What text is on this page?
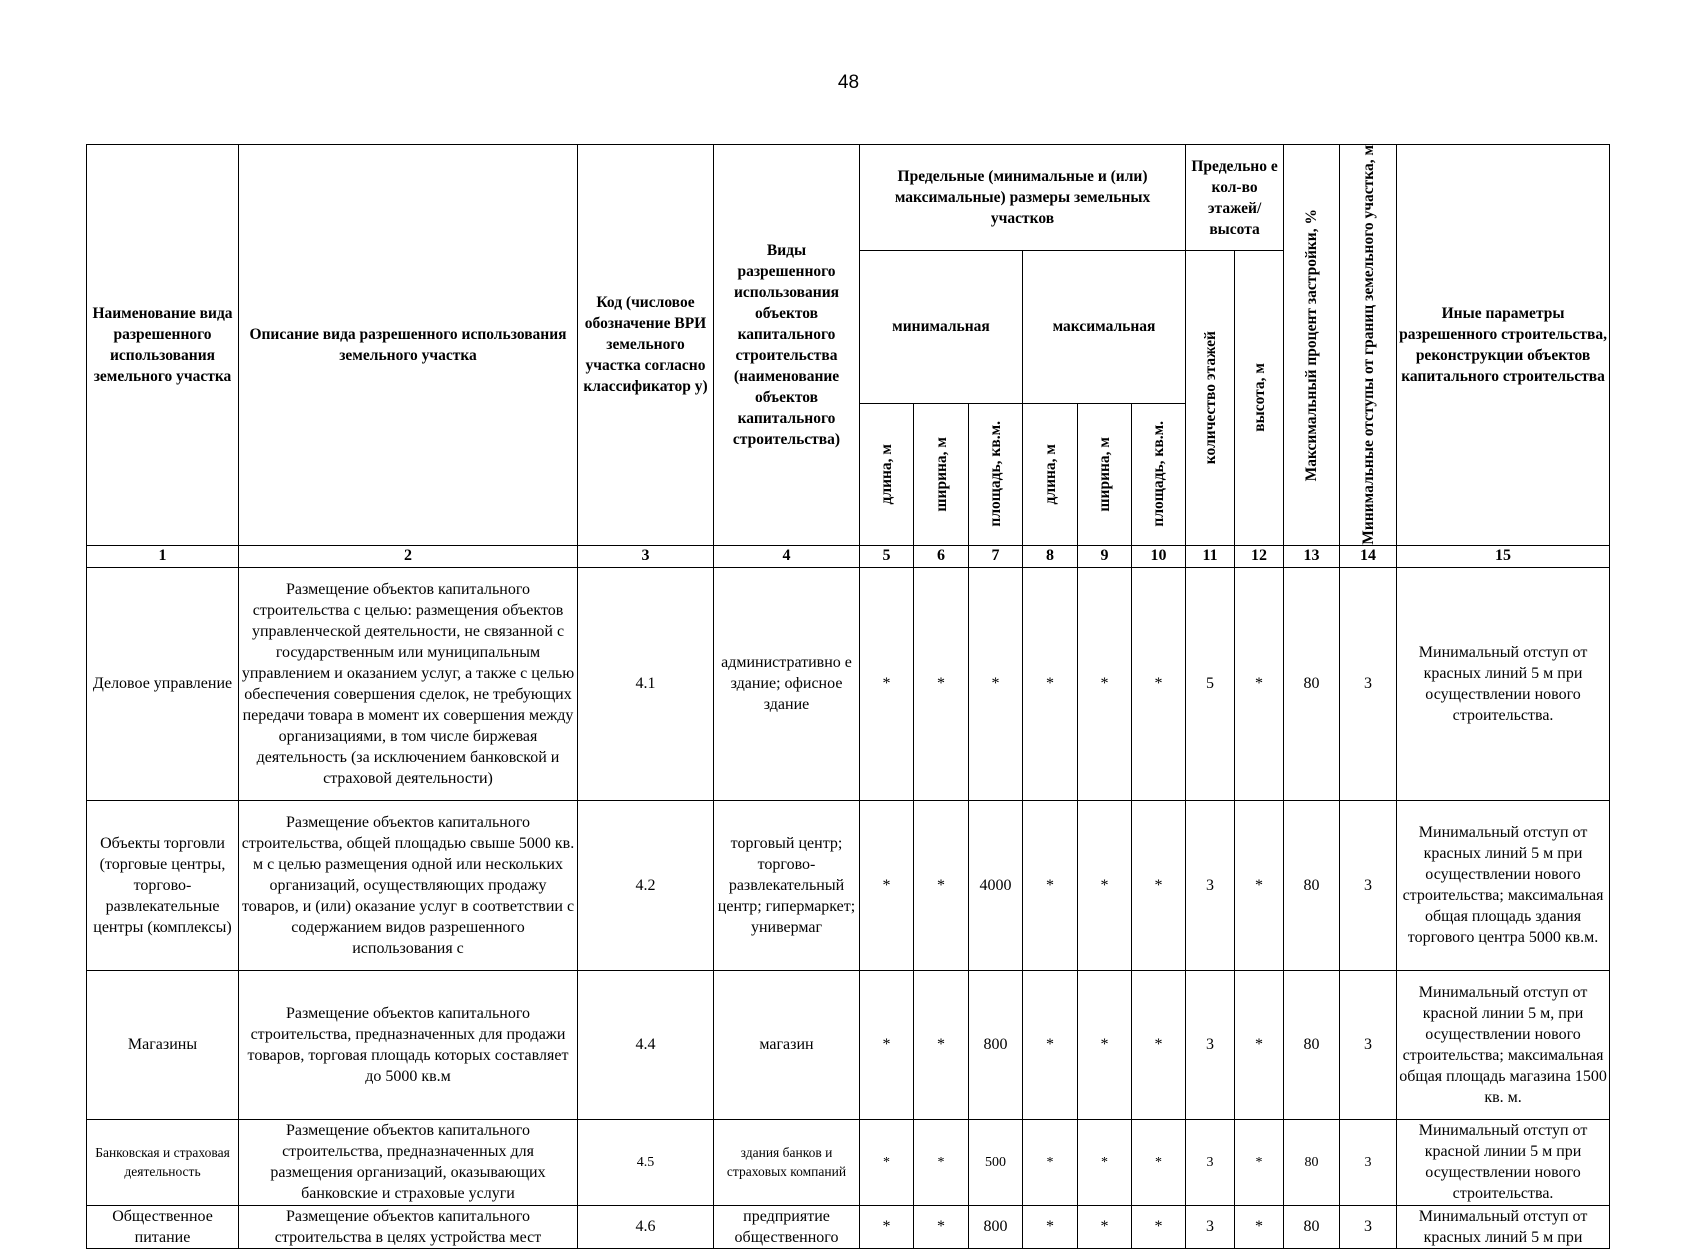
48
Наименование вида разрешенного использования земельного участка	Описание вида разрешенного использования земельного участка	Код (числовое обозначение ВРИ земельного участка согласно классификатор у)	Виды разрешенного использования объектов капитального строительства (наименование объектов капитального строительства)	Предельные (минимальные и (или) максимальные) размеры земельных участков						Предельно е кол-во этажей/ высота		Максимальный процент застройки, %	Минимальные отступы от границ земельного участка, м	Иные параметры разрешенного строительства, реконструкции объектов капитального строительства
				минимальная			максимальная			количество этажей	высота, м			

				длина, м	ширина, м	площадь, кв.м.	длина, м	ширина, м	площадь, кв.м.					

1	2	3	4	5	6	7	8	9	10	11	12	13	14	15
Деловое управление	Размещение объектов капитального строительства с целью: размещения объектов управленческой деятельности, не связанной с государственным или муниципальным управлением и оказанием услуг, а также с целью обеспечения совершения сделок, не требующих передачи товара в момент их совершения между организациями, в том числе биржевая деятельность (за исключением банковской и страховой деятельности)	4.1	административно е здание; офисное здание	*	*	*	*	*	*	5	*	80	3	Минимальный отступ от красных линий 5 м при осуществлении нового строительства.
Объекты торговли (торговые центры, торгово-развлекательные центры (комплексы)	Размещение объектов капитального строительства, общей площадью свыше 5000 кв. м с целью размещения одной или нескольких организаций, осуществляющих продажу товаров, и (или) оказание услуг в соответствии с содержанием видов разрешенного использования с	4.2	торговый центр; торгово-развлекательный центр; гипермаркет; универмаг	*	*	4000	*	*	*	3	*	80	3	Минимальный отступ от красных линий 5 м при осуществлении нового строительства; максимальная общая площадь здания торгового центра 5000 кв.м.
Магазины	Размещение объектов капитального строительства, предназначенных для продажи товаров, торговая площадь которых составляет до 5000 кв.м	4.4	магазин	*	*	800	*	*	*	3	*	80	3	Минимальный отступ от красной линии 5 м, при осуществлении нового строительства; максимальная общая площадь магазина 1500 кв. м.
Банковская и страховая деятельность	Размещение объектов капитального строительства, предназначенных для размещения организаций, оказывающих банковские и страховые услуги	4.5	здания банков и страховых компаний	*	*	500	*	*	*	3	*	80	3	Минимальный отступ от красной линии 5 м при осуществлении нового строительства.
Общественное питание	Размещение объектов капитального строительства в целях устройства мест	4.6	предприятие общественного	*	*	800	*	*	*	3	*	80	3	Минимальный отступ от красных линий 5 м при
